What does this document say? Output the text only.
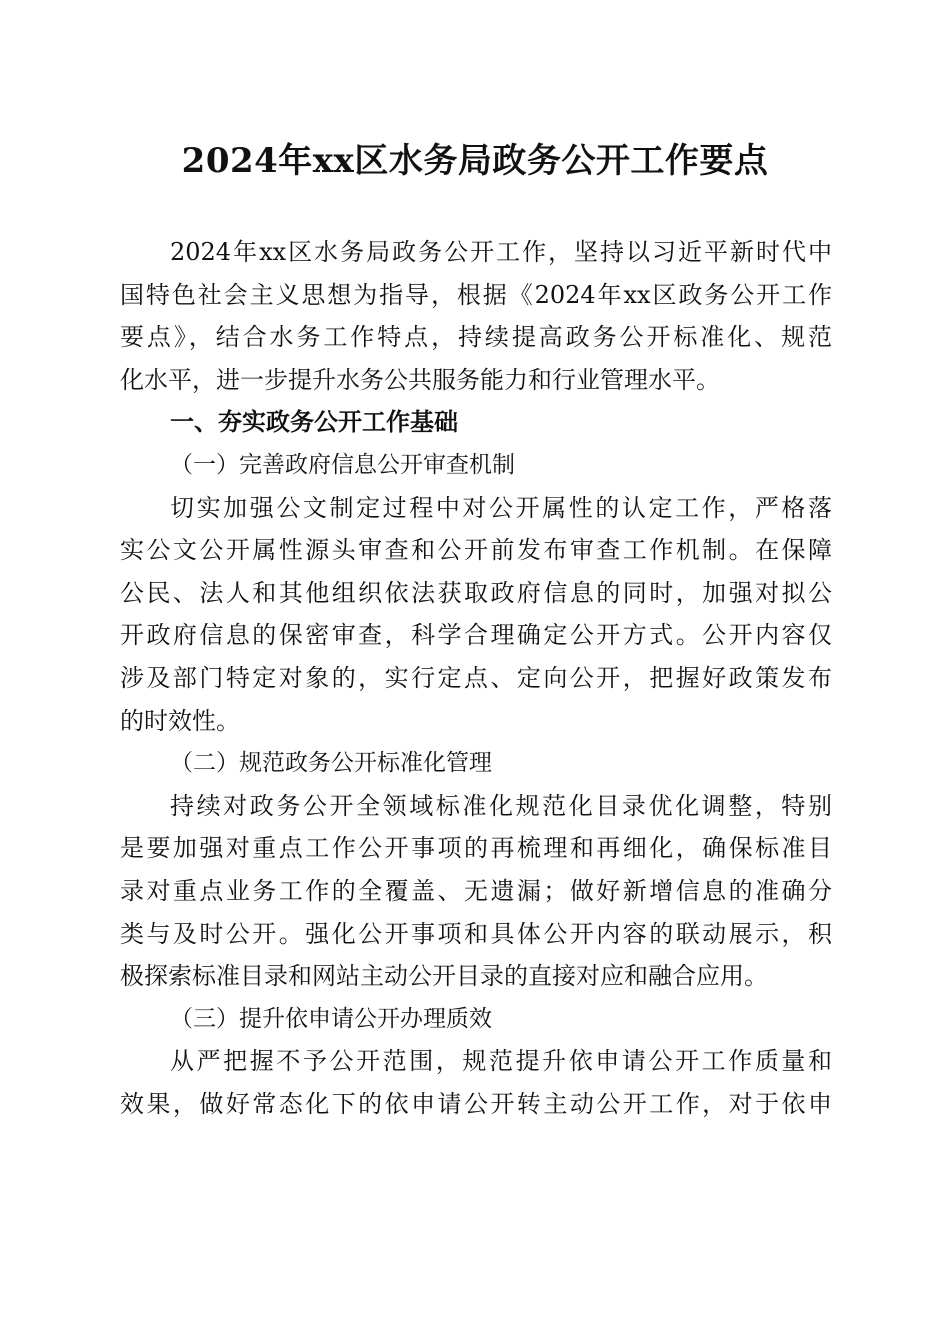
2024年xx区水务局政务公开工作要点
2024年xx区水务局政务公开工作，坚持以习近平新时代中
国特色社会主义思想为指导，根据《2024年xx区政务公开工作
要点》，结合水务工作特点，持续提高政务公开标准化、规范
化水平，进一步提升水务公共服务能力和行业管理水平。
一、夯实政务公开工作基础
（一）完善政府信息公开审查机制
切实加强公文制定过程中对公开属性的认定工作，严格落
实公文公开属性源头审查和公开前发布审查工作机制。在保障
公民、法人和其他组织依法获取政府信息的同时，加强对拟公
开政府信息的保密审查，科学合理确定公开方式。公开内容仅
涉及部门特定对象的，实行定点、定向公开，把握好政策发布
的时效性。
（二）规范政务公开标准化管理
持续对政务公开全领域标准化规范化目录优化调整，特别
是要加强对重点工作公开事项的再梳理和再细化，确保标准目
录对重点业务工作的全覆盖、无遗漏；做好新增信息的准确分
类与及时公开。强化公开事项和具体公开内容的联动展示，积
极探索标准目录和网站主动公开目录的直接对应和融合应用。
（三）提升依申请公开办理质效
从严把握不予公开范围，规范提升依申请公开工作质量和
效果，做好常态化下的依申请公开转主动公开工作，对于依申
